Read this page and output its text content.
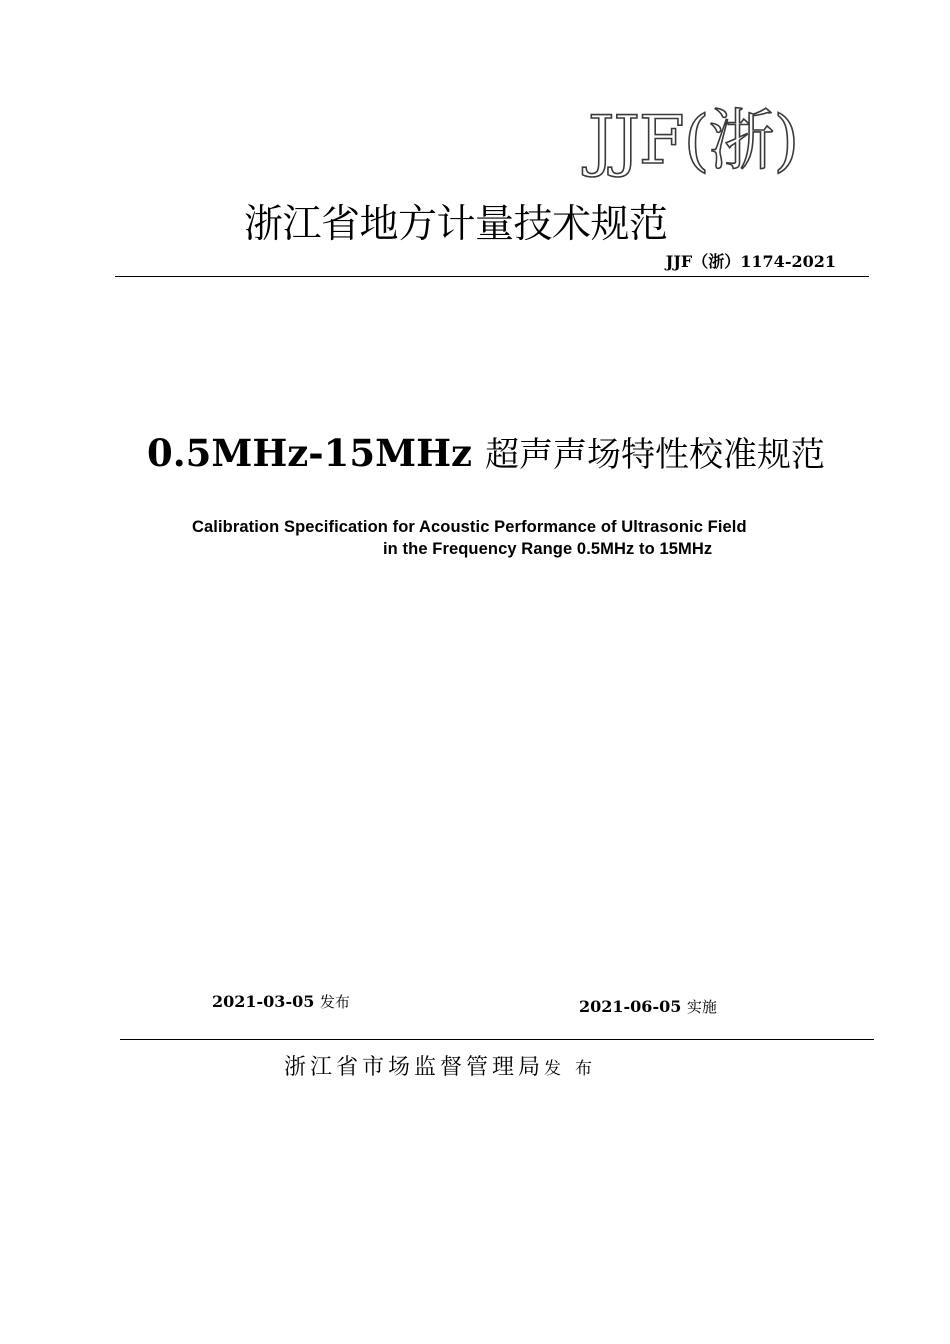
JJF(浙)
浙江省地方计量技术规范
JJF（浙）1174-2021
0.5MHz-15MHz 超声声场特性校准规范
Calibration Specification for Acoustic Performance of Ultrasonic Field
in the Frequency Range 0.5MHz to 15MHz
2021-03-05 发布	2021-06-05 实施
浙江省市场监督管理局发布
